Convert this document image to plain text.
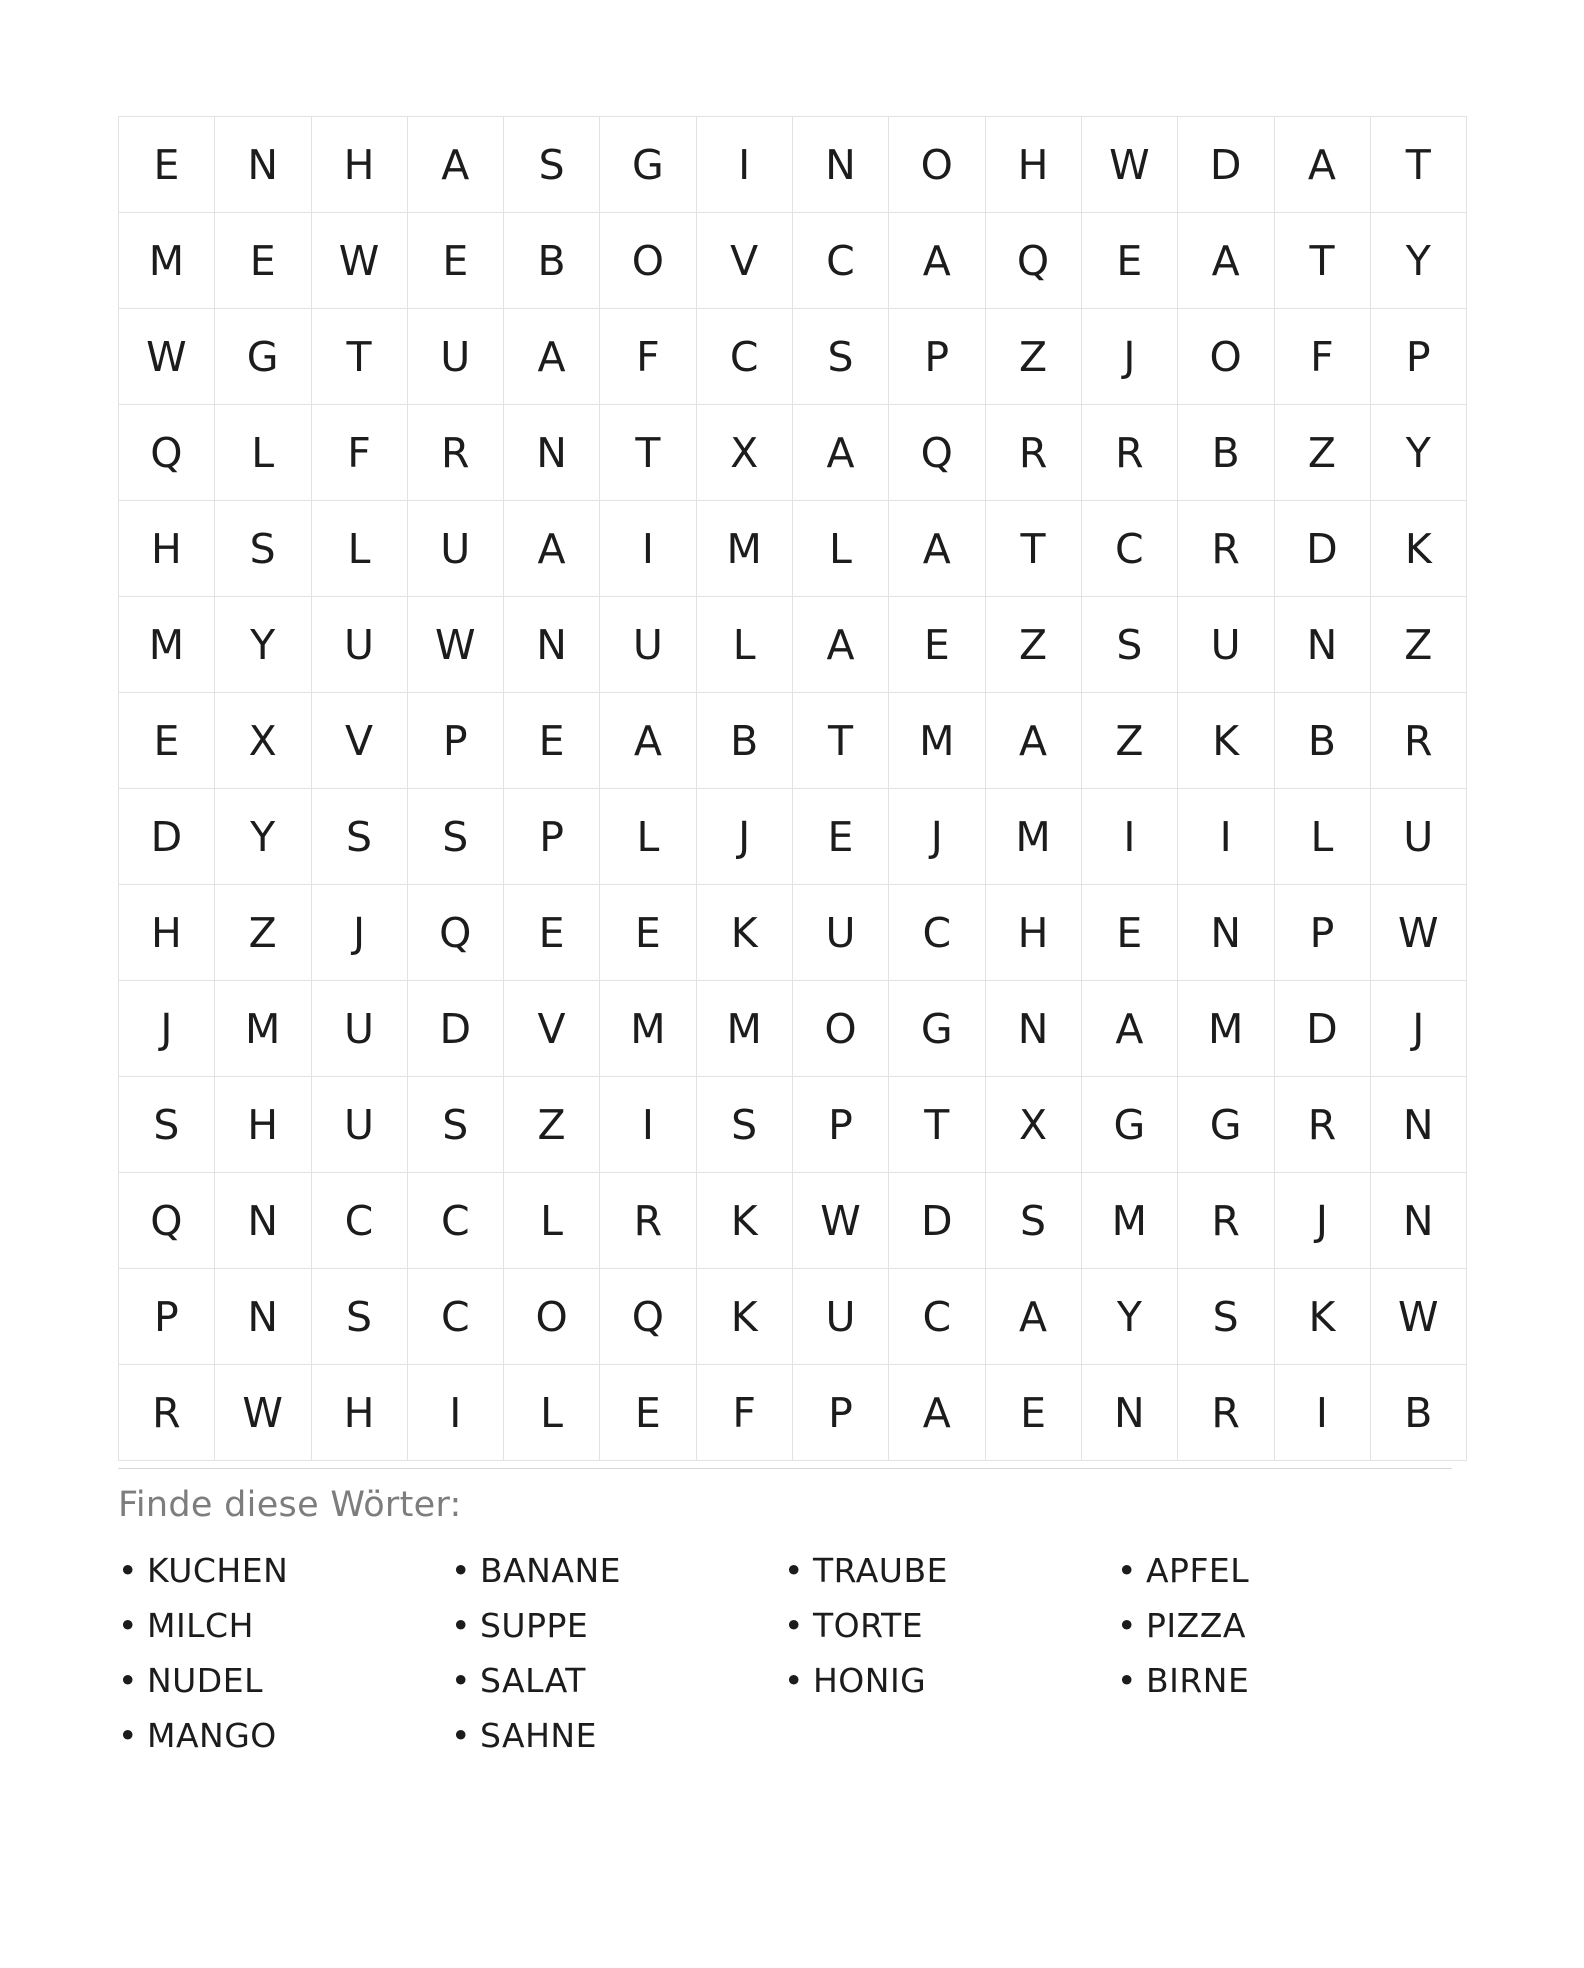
E	N	H	A	S	G	I	N	O	H	W	D	A	T
M	E	W	E	B	O	V	C	A	Q	E	A	T	Y
W	G	T	U	A	F	C	S	P	Z	J	O	F	P
Q	L	F	R	N	T	X	A	Q	R	R	B	Z	Y
H	S	L	U	A	I	M	L	A	T	C	R	D	K
M	Y	U	W	N	U	L	A	E	Z	S	U	N	Z
E	X	V	P	E	A	B	T	M	A	Z	K	B	R
D	Y	S	S	P	L	J	E	J	M	I	I	L	U
H	Z	J	Q	E	E	K	U	C	H	E	N	P	W
J	M	U	D	V	M	M	O	G	N	A	M	D	J
S	H	U	S	Z	I	S	P	T	X	G	G	R	N
Q	N	C	C	L	R	K	W	D	S	M	R	J	N
P	N	S	C	O	Q	K	U	C	A	Y	S	K	W
R	W	H	I	L	E	F	P	A	E	N	R	I	B
Finde diese Wörter:
• KUCHEN
• MILCH
• NUDEL
• MANGO
• BANANE
• SUPPE
• SALAT
• SAHNE
• TRAUBE
• TORTE
• HONIG
• APFEL
• PIZZA
• BIRNE
